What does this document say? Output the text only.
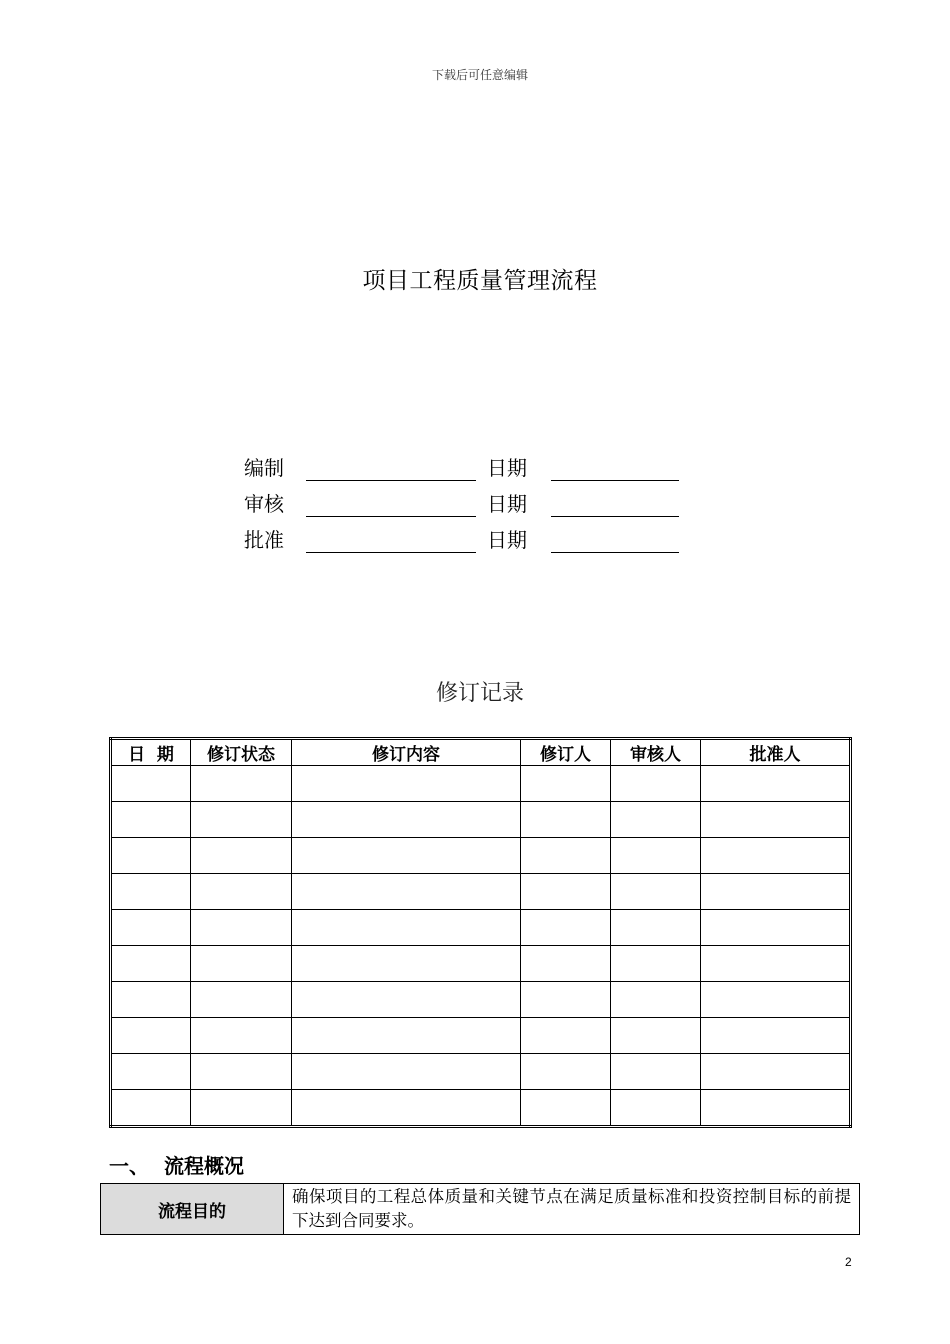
下载后可任意编辑
项目工程质量管理流程
编制	日期
审核	日期
批准	日期
修订记录
日  期	修订状态	修订内容	修订人	审核人	批准人

一、 流程概况
流程目的	确保项目的工程总体质量和关键节点在满足质量标准和投资控制目标的前提下达到合同要求。
2
